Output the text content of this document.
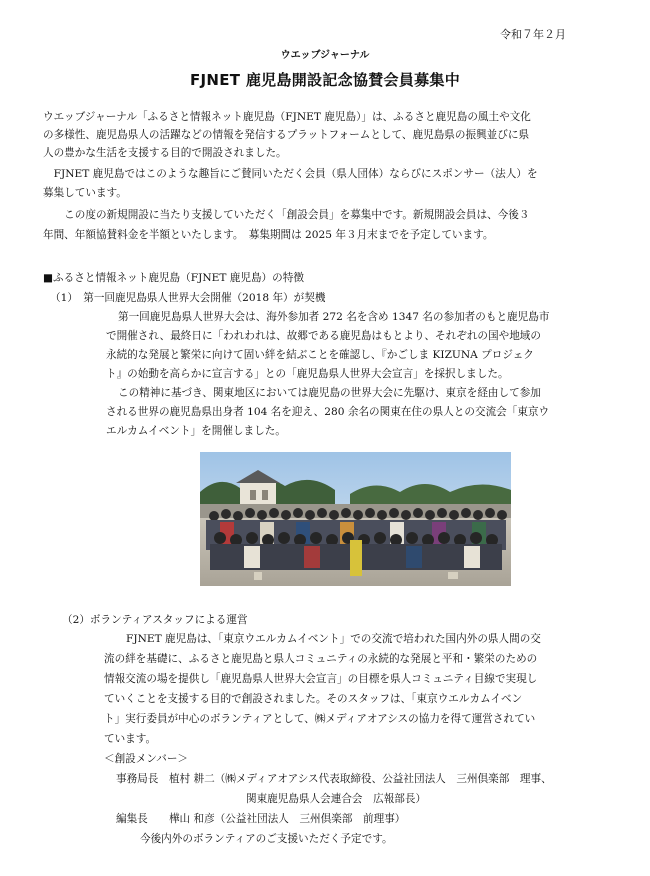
令和７年２月
ウエッブジャーナル
FJNET 鹿児島開設記念協賛会員募集中
ウエッブジャーナル「ふるさと情報ネット鹿児島（FJNET 鹿児島）」は、ふるさと鹿児島の風土や文化
の多様性、鹿児島県人の活躍などの情報を発信するプラットフォームとして、鹿児島県の振興並びに県
人の豊かな生活を支援する目的で開設されました。
　FJNET 鹿児島ではこのような趣旨にご賛同いただく会員（県人団体）ならびにスポンサー（法人）を
募集しています。
　　この度の新規開設に当たり支援していただく「創設会員」を募集中です。新規開設会員は、今後３
年間、年額協賛料金を半額といたします。　募集期間は 2025 年３月末までを予定しています。
■ふるさと情報ネット鹿児島（FJNET 鹿児島）の特徴
（1）　第一回鹿児島県人世界大会開催（2018 年）が契機
第一回鹿児島県人世界大会は、海外参加者 272 名を含め 1347 名の参加者のもと鹿児島市
で開催され、最終日に「われわれは、故郷である鹿児島はもとより、それぞれの国や地域の
永続的な発展と繁栄に向けて固い絆を結ぶことを確認し、『かごしま KIZUNA プロジェク
ト』の始動を高らかに宣言する」との「鹿児島県人世界大会宣言」を採択しました。
この精神に基づき、関東地区においては鹿児島の世界大会に先駆け、東京を経由して参加
される世界の鹿児島県出身者 104 名を迎え、280 余名の関東在住の県人との交流会「東京ウ
エルカムイベント」を開催しました。
（2）ボランティアスタッフによる運営
FJNET 鹿児島は、「東京ウエルカムイベント」での交流で培われた国内外の県人間の交
流の絆を基礎に、ふるさと鹿児島と県人コミュニティの永続的な発展と平和・繁栄のための
情報交流の場を提供し「鹿児島県人世界大会宣言」の目標を県人コミュニティ目線で実現し
ていくことを支援する目的で創設されました。そのスタッフは、「東京ウエルカムイベン
ト」実行委員が中心のボランティアとして、㈱メディアオアシスの協力を得て運営されてい
ています。
＜創設メンバー＞
事務局長　植村 耕二（㈱メディアオアシス代表取締役、公益社団法人　三州倶楽部　理事、
関東鹿児島県人会連合会　広報部長）
編集長　　樺山 和彦（公益社団法人　三州倶楽部　前理事）
今後内外のボランティアのご支援いただく予定です。
